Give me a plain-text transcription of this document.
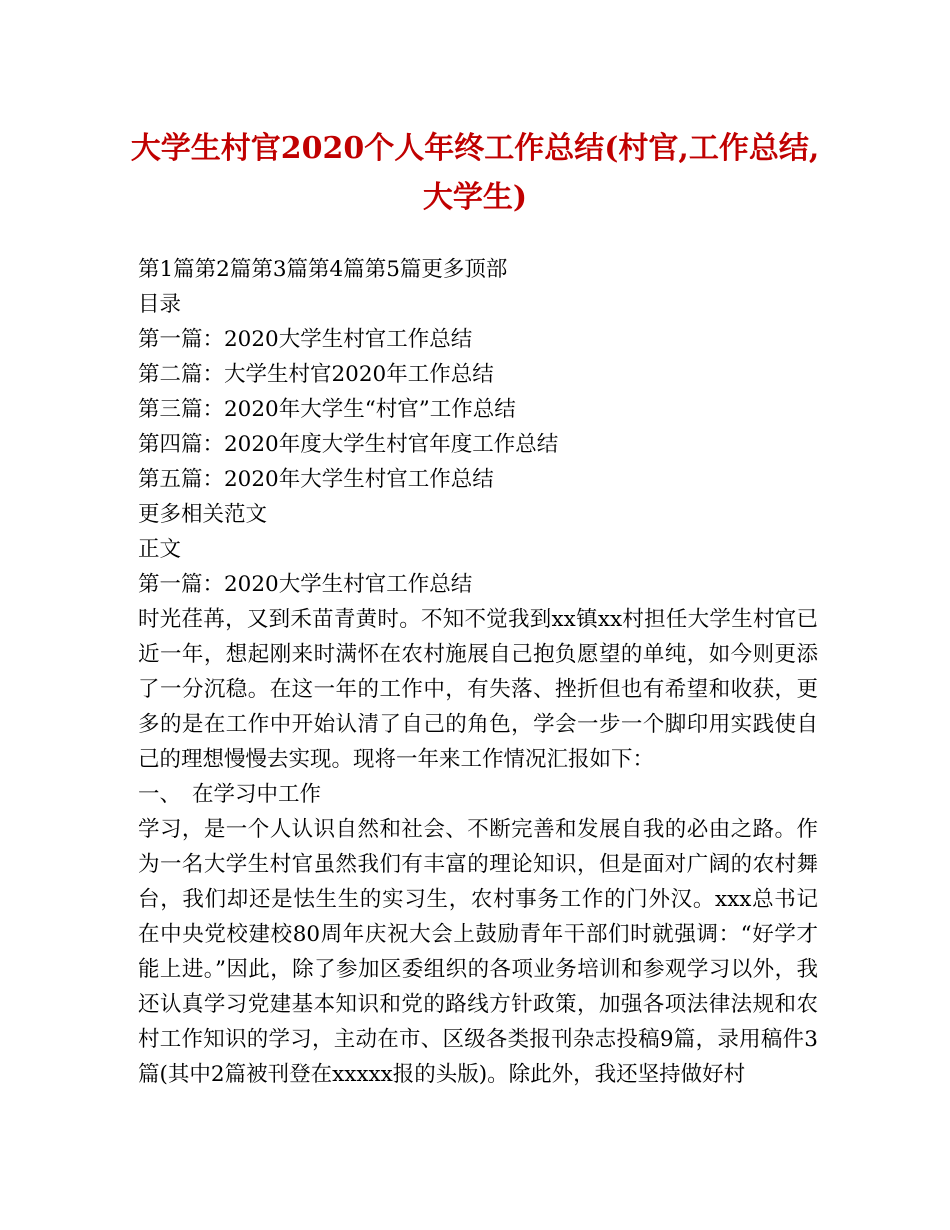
大学生村官2020个人年终工作总结(村官,工作总结,大学生)
第1篇第2篇第3篇第4篇第5篇更多顶部
目录
第一篇：2020大学生村官工作总结
第二篇：大学生村官2020年工作总结
第三篇：2020年大学生“村官”工作总结
第四篇：2020年度大学生村官年度工作总结
第五篇：2020年大学生村官工作总结
更多相关范文
正文
第一篇：2020大学生村官工作总结
时光荏苒，又到禾苗青黄时。不知不觉我到xx镇xx村担任大学生村官已近一年，想起刚来时满怀在农村施展自己抱负愿望的单纯，如今则更添了一分沉稳。在这一年的工作中，有失落、挫折但也有希望和收获，更多的是在工作中开始认清了自己的角色，学会一步一个脚印用实践使自己的理想慢慢去实现。现将一年来工作情况汇报如下：
一、 在学习中工作
学习，是一个人认识自然和社会、不断完善和发展自我的必由之路。作为一名大学生村官虽然我们有丰富的理论知识，但是面对广阔的农村舞台，我们却还是怯生生的实习生，农村事务工作的门外汉。xxx总书记在中央党校建校80周年庆祝大会上鼓励青年干部们时就强调：“好学才能上进。”因此，除了参加区委组织的各项业务培训和参观学习以外，我还认真学习党建基本知识和党的路线方针政策，加强各项法律法规和农村工作知识的学习，主动在市、区级各类报刊杂志投稿9篇，录用稿件3篇(其中2篇被刊登在xxxxx报的头版)。除此外，我还坚持做好村
